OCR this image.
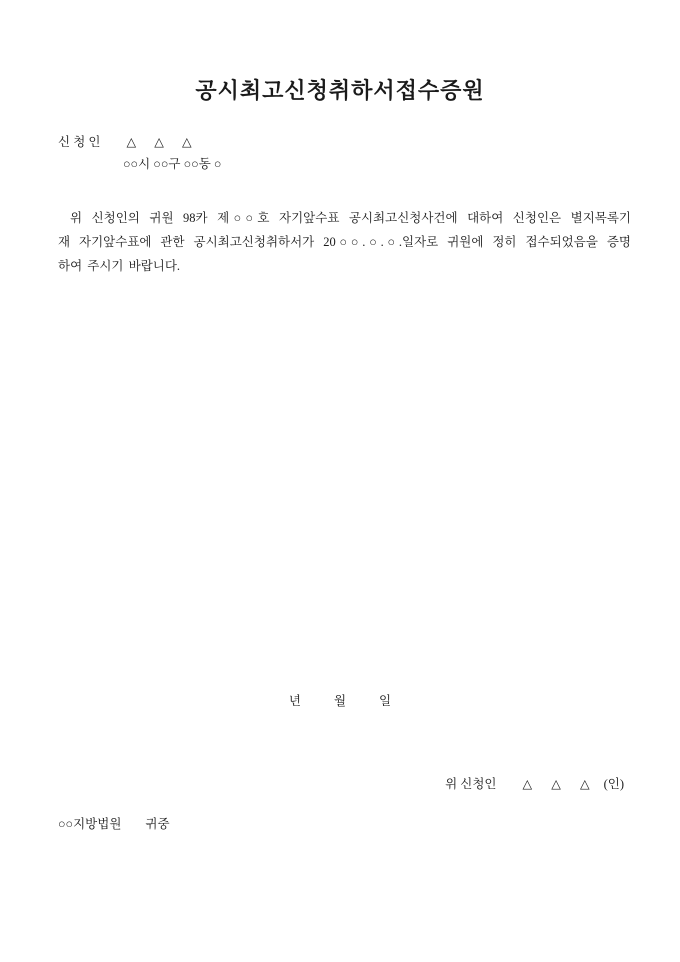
공시최고신청취하서접수증원
신 청 인 △ △ △
○○시 ○○구 ○○동 ○
위 신청인의 귀원 98카 제○○호 자기앞수표 공시최고신청사건에 대하여 신청인은 별지목록기
재 자기앞수표에 관한 공시최고신청취하서가 20○○.○.○.일자로 귀원에 정히 접수되었음을 증명
하여 주시기 바랍니다.
년	월	일
위 신청인 △ △ △ (인)
○○지방법원 귀중
